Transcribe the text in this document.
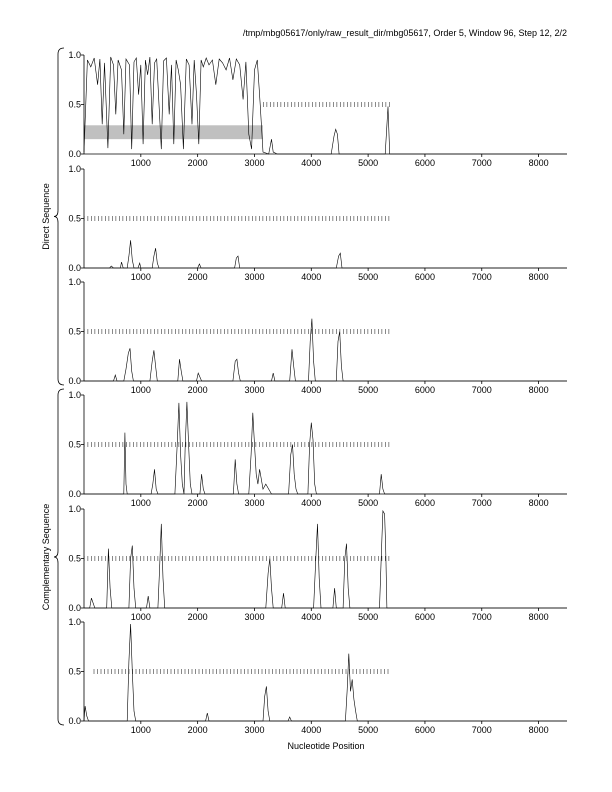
/tmp/mbg05617/only/raw_result_dir/mbg05617, Order 5, Window 96, Step 12, 2/2
0.0
0.5
1.0
1000	2000	3000	4000	5000	6000	7000	8000
0.0
0.5
1.0
1000	2000	3000	4000	5000	6000	7000	8000
0.0
0.5
1.0
1000	2000	3000	4000	5000	6000	7000	8000
0.0
0.5
1.0
1000	2000	3000	4000	5000	6000	7000	8000
0.0
0.5
1.0
1000	2000	3000	4000	5000	6000	7000	8000
0.0
0.5
1.0
1000	2000	3000	4000	5000	6000	7000	8000
Direct Sequence
Complementary Sequence
Nucleotide Position
